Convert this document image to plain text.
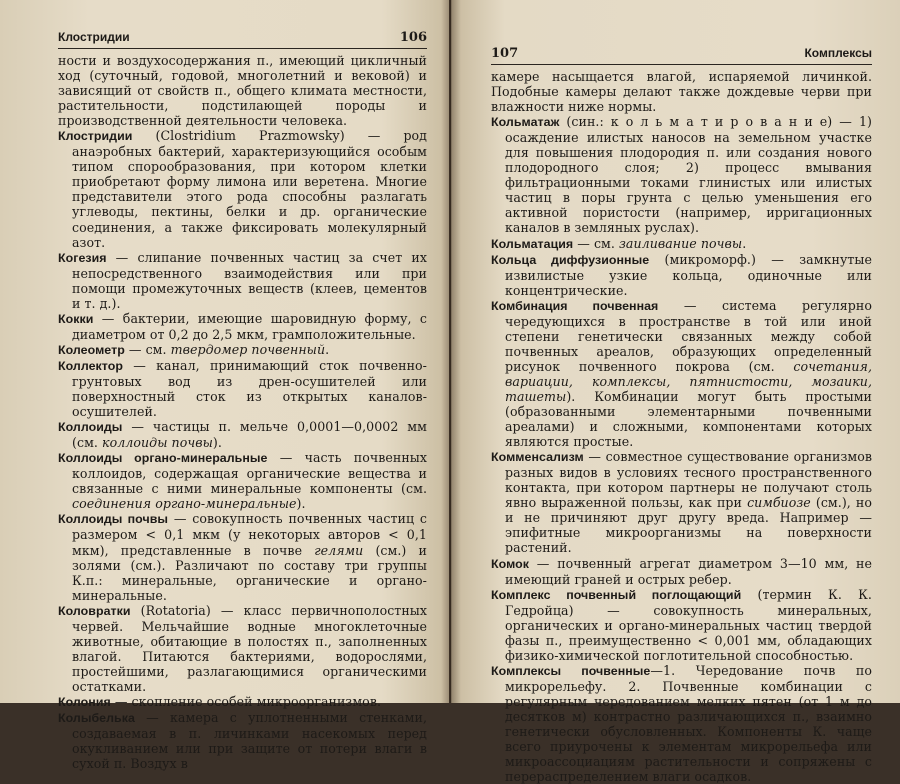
Клостридии	106

ности и воздухосодержания п., имеющий цикличный ход (суточный, годовой, многолетний и вековой) и зависящий от свойств п., общего климата местности, растительности, подстилающей породы и производственной деятельности человека.

Клостридии (Clostridium Prazmowsky) — род анаэробных бактерий, характеризующийся особым типом спорообразования, при котором клетки приобретают форму лимона или веретена. Многие представители этого рода способны разлагать углеводы, пектины, белки и др. органические соединения, а также фиксировать молекулярный азот.

Когезия — слипание почвенных частиц за счет их непосредственного взаимодействия или при помощи промежуточных веществ (клеев, цементов и т. д.).

Кокки — бактерии, имеющие шаровидную форму, с диаметром от 0,2 до 2,5 мкм, грамположительные.

Колеометр — см. твердомер почвенный.

Коллектор — канал, принимающий сток почвенно-грунтовых вод из дрен-осушителей или поверхностный сток из открытых каналов-осушителей.

Коллоиды — частицы п. мельче 0,0001—0,0002 мм (см. коллоиды почвы).

Коллоиды органо-минеральные — часть почвенных коллоидов, содержащая органические вещества и связанные с ними минеральные компоненты (см. соединения органо-минеральные).

Коллоиды почвы — совокупность почвенных частиц с размером < 0,1 мкм (у некоторых авторов < 0,1 мкм), представленные в почве гелями (см.) и золями (см.). Различают по составу три группы К.п.: минеральные, органические и органо-минеральные.

Коловратки (Rotatoria) — класс первичнополостных червей. Мельчайшие водные многоклеточные животные, обитающие в полостях п., заполненных влагой. Питаются бактериями, водорослями, простейшими, разлагающимися органическими остатками.

Колония — скопление особей микроорганизмов.

Колыбелька — камера с уплотненными стенками, создаваемая в п. личинками насекомых перед окукливанием или при защите от потери влаги в сухой п. Воздух в

107	Комплексы

камере насыщается влагой, испаряемой личинкой. Подобные камеры делают также дождевые черви при влажности ниже нормы.

Кольматаж (син.: к о л ь м а т и р о в а н и е) — 1) осаждение илистых наносов на земельном участке для повышения плодородия п. или создания нового плодородного слоя; 2) процесс вмывания фильтрационными токами глинистых или илистых частиц в поры грунта с целью уменьшения его активной пористости (например, ирригационных каналов в земляных руслах).

Кольматация — см. заиливание почвы.

Кольца диффузионные (микроморф.) — замкнутые извилистые узкие кольца, одиночные или концентрические.

Комбинация почвенная — система регулярно чередующихся в пространстве в той или иной степени генетически связанных между собой почвенных ареалов, образующих определенный рисунок почвенного покрова (см. сочетания, вариации, комплексы, пятнистости, мозаики, ташеты). Комбинации могут быть простыми (образованными элементарными почвенными ареалами) и сложными, компонентами которых являются простые.

Комменсализм — совместное существование организмов разных видов в условиях тесного пространственного контакта, при котором партнеры не получают столь явно выраженной пользы, как при симбиозе (см.), но и не причиняют друг другу вреда. Например — эпифитные микроорганизмы на поверхности растений.

Комок — почвенный агрегат диаметром 3—10 мм, не имеющий граней и острых ребер.

Комплекс почвенный поглощающий (термин К. К. Гедройца) — совокупность минеральных, органических и органо-минеральных частиц твердой фазы п., преимущественно < 0,001 мм, обладающих физико-химической поглотительной способностью.

Комплексы почвенные—1. Чередование почв по микрорельефу. 2. Почвенные комбинации с регулярным чередованием мелких пятен (от 1 м до десятков м) контрастно различающихся п., взаимно генетически обусловленных. Компоненты К. чаще всего приурочены к элементам микрорельефа или микроассоциациям растительности и сопряжены с перераспределением влаги осадков.
